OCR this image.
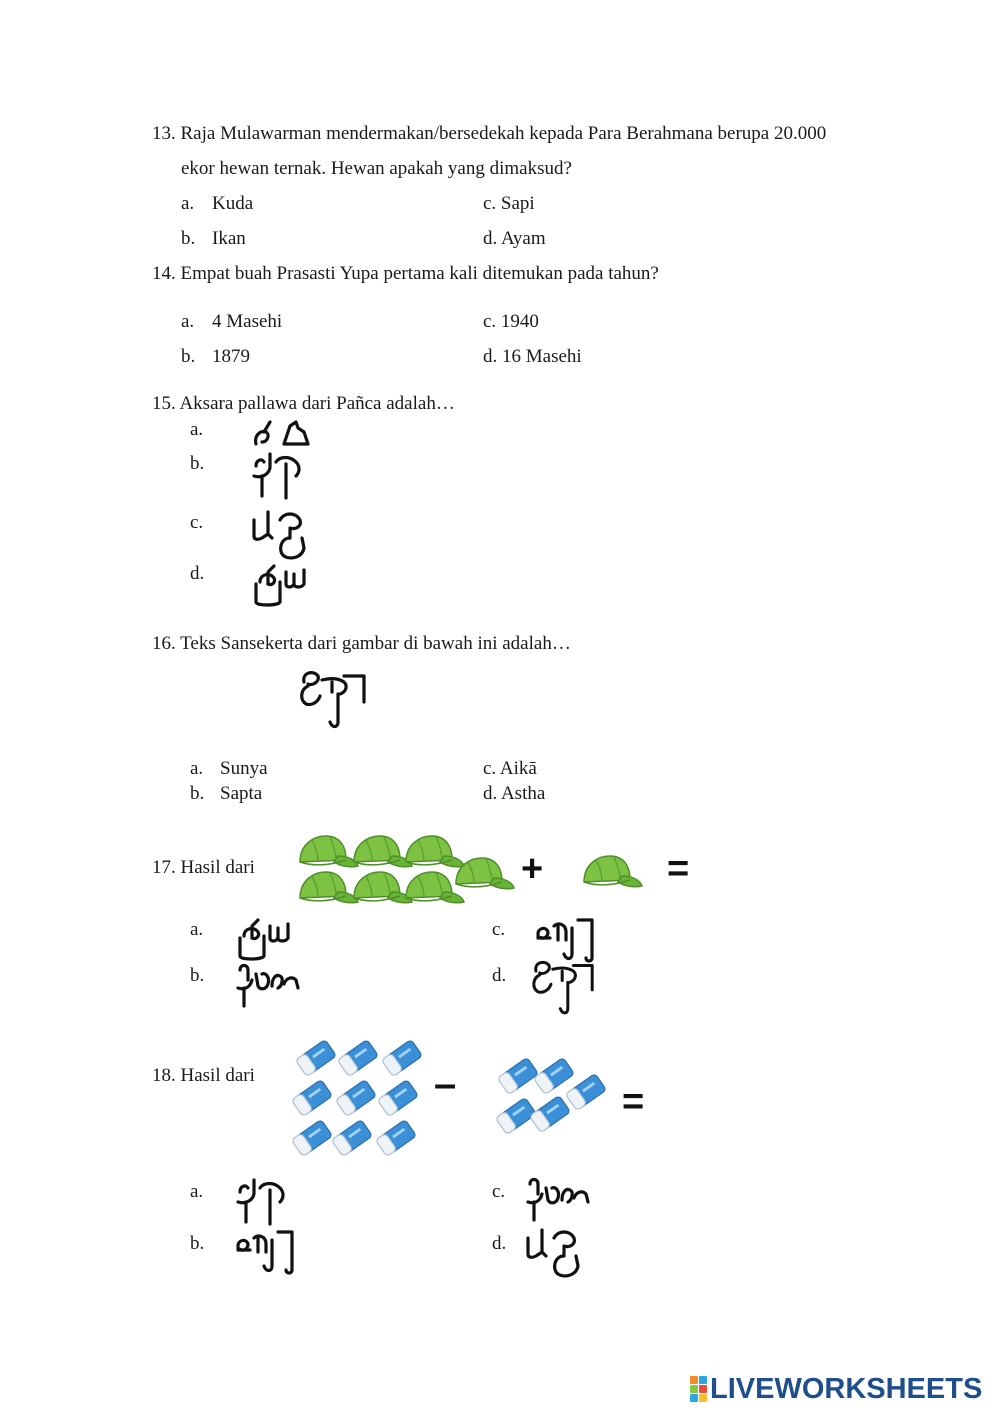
13. Raja Mulawarman mendermakan/bersedekah kepada Para Berahmana berupa 20.000
ekor hewan ternak. Hewan apakah yang dimaksud?
a. Kuda	c. Sapi
b. Ikan	d. Ayam
14. Empat buah Prasasti Yupa pertama kali ditemukan pada tahun?
a. 4 Masehi	c. 1940
b. 1879	d. 16 Masehi
15. Aksara pallawa dari Pañca adalah…
a.
b.
c.
d.
16. Teks Sansekerta dari gambar di bawah ini adalah…
a. Sunya	c. Aikā
b. Sapta	d. Astha
17. Hasil dari	+	=
a.	c.
b.	d.
18. Hasil dari	–	=
a.	c.
b.	d.
LIVEWORKSHEETS
